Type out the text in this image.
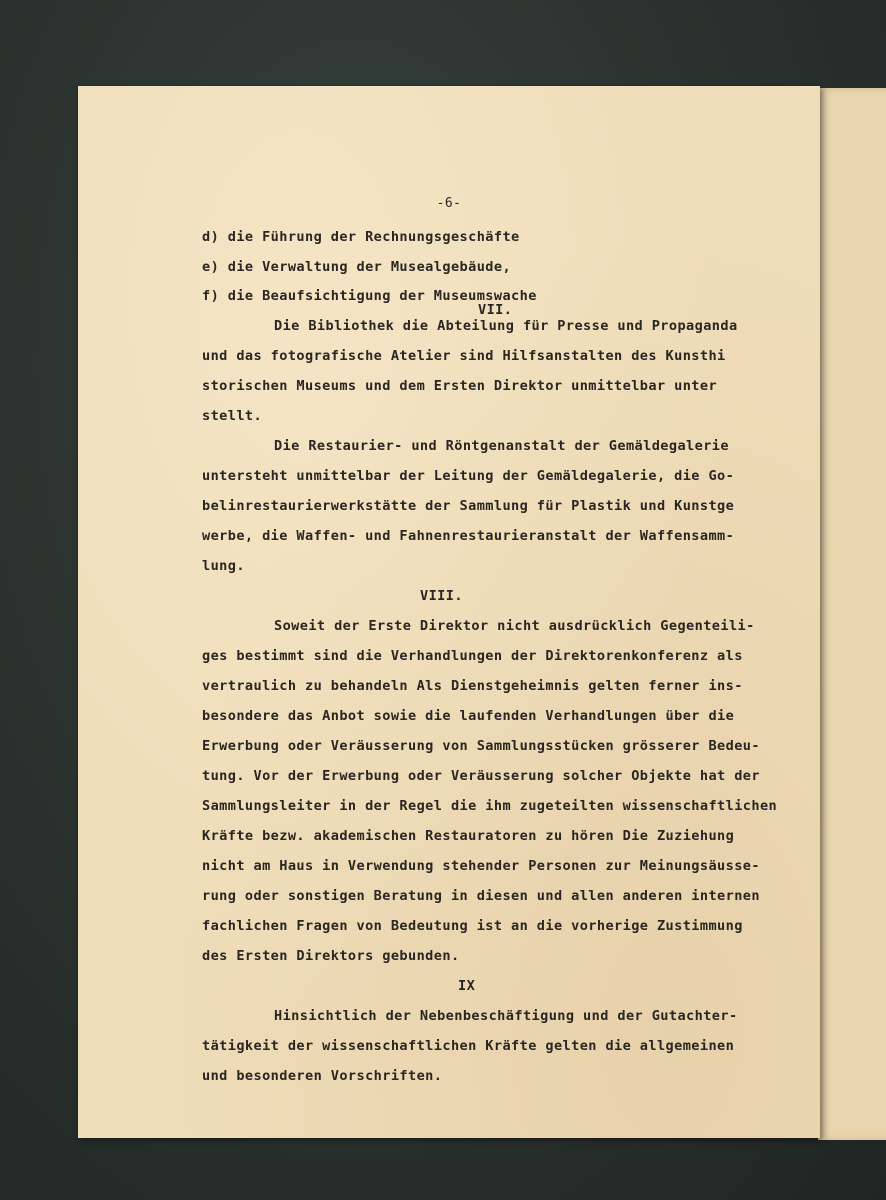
-6-
d) die Führung der Rechnungsgeschäfte
e) die Verwaltung der Musealgebäude,
f) die Beaufsichtigung der Museumswache
VII.
Die Bibliothek die Abteilung für Presse und Propaganda
und das fotografische Atelier sind Hilfsanstalten des Kunsthi
storischen Museums und dem Ersten Direktor unmittelbar unter
stellt.
Die Restaurier- und Röntgenanstalt der Gemäldegalerie
untersteht unmittelbar der Leitung der Gemäldegalerie, die Go-
belinrestaurierwerkstätte der Sammlung für Plastik und Kunstge
werbe, die Waffen- und Fahnenrestaurieranstalt der Waffensamm-
lung.
VIII.
Soweit der Erste Direktor nicht ausdrücklich Gegenteili-
ges bestimmt sind die Verhandlungen der Direktorenkonferenz als
vertraulich zu behandeln Als Dienstgeheimnis gelten ferner ins-
besondere das Anbot sowie die laufenden Verhandlungen über die
Erwerbung oder Veräusserung von Sammlungsstücken grösserer Bedeu-
tung. Vor der Erwerbung oder Veräusserung solcher Objekte hat der
Sammlungsleiter in der Regel die ihm zugeteilten wissenschaftlichen
Kräfte bezw. akademischen Restauratoren zu hören Die Zuziehung
nicht am Haus in Verwendung stehender Personen zur Meinungsäusse-
rung oder sonstigen Beratung in diesen und allen anderen internen
fachlichen Fragen von Bedeutung ist an die vorherige Zustimmung
des Ersten Direktors gebunden.
IX
Hinsichtlich der Nebenbeschäftigung und der Gutachter-
tätigkeit der wissenschaftlichen Kräfte gelten die allgemeinen
und besonderen Vorschriften.
